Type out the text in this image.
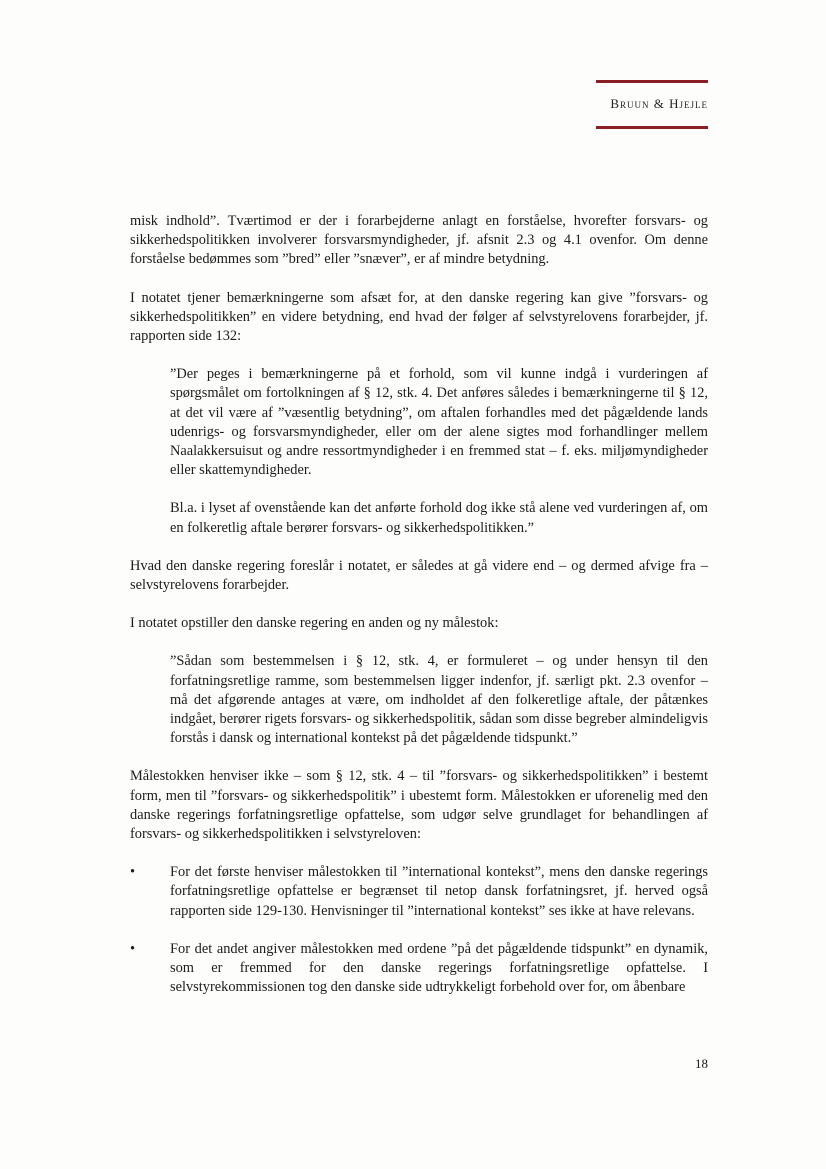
Bruun & Hjejle

misk indhold”. Tværtimod er der i forarbejderne anlagt en forståelse, hvorefter forsvars- og sikkerhedspolitikken involverer forsvarsmyndigheder, jf. afsnit 2.3 og 4.1 ovenfor. Om denne forståelse bedømmes som ”bred” eller ”snæver”, er af mindre betydning.

I notatet tjener bemærkningerne som afsæt for, at den danske regering kan give ”forsvars- og sikkerhedspolitikken” en videre betydning, end hvad der følger af selvstyrelovens forarbejder, jf. rapporten side 132:

”Der peges i bemærkningerne på et forhold, som vil kunne indgå i vurderingen af spørgsmålet om fortolkningen af § 12, stk. 4. Det anføres således i bemærkningerne til § 12, at det vil være af ”væsentlig betydning”, om aftalen forhandles med det pågældende lands udenrigs- og forsvarsmyndigheder, eller om der alene sigtes mod forhandlinger mellem Naalakkersuisut og andre ressortmyndigheder i en fremmed stat – f. eks. miljømyndigheder eller skattemyndigheder.

Bl.a. i lyset af ovenstående kan det anførte forhold dog ikke stå alene ved vurderingen af, om en folkeretlig aftale berører forsvars- og sikkerhedspolitikken.”

Hvad den danske regering foreslår i notatet, er således at gå videre end – og dermed afvige fra – selvstyrelovens forarbejder.

I notatet opstiller den danske regering en anden og ny målestok:

”Sådan som bestemmelsen i § 12, stk. 4, er formuleret – og under hensyn til den forfatningsretlige ramme, som bestemmelsen ligger indenfor, jf. særligt pkt. 2.3 ovenfor – må det afgørende antages at være, om indholdet af den folkeretlige aftale, der påtænkes indgået, berører rigets forsvars- og sikkerhedspolitik, sådan som disse begreber almindeligvis forstås i dansk og international kontekst på det pågældende tidspunkt.”

Målestokken henviser ikke – som § 12, stk. 4 – til ”forsvars- og sikkerhedspolitikken” i bestemt form, men til ”forsvars- og sikkerhedspolitik” i ubestemt form. Målestokken er uforenelig med den danske regerings forfatningsretlige opfattelse, som udgør selve grundlaget for behandlingen af forsvars- og sikkerhedspolitikken i selvstyreloven:

•	For det første henviser målestokken til ”international kontekst”, mens den danske regerings forfatningsretlige opfattelse er begrænset til netop dansk forfatningsret, jf. herved også rapporten side 129-130. Henvisninger til ”international kontekst” ses ikke at have relevans.
•	For det andet angiver målestokken med ordene ”på det pågældende tidspunkt” en dynamik, som er fremmed for den danske regerings forfatningsretlige opfattelse. I selvstyrekommissionen tog den danske side udtrykkeligt forbehold over for, om åbenbare
18
